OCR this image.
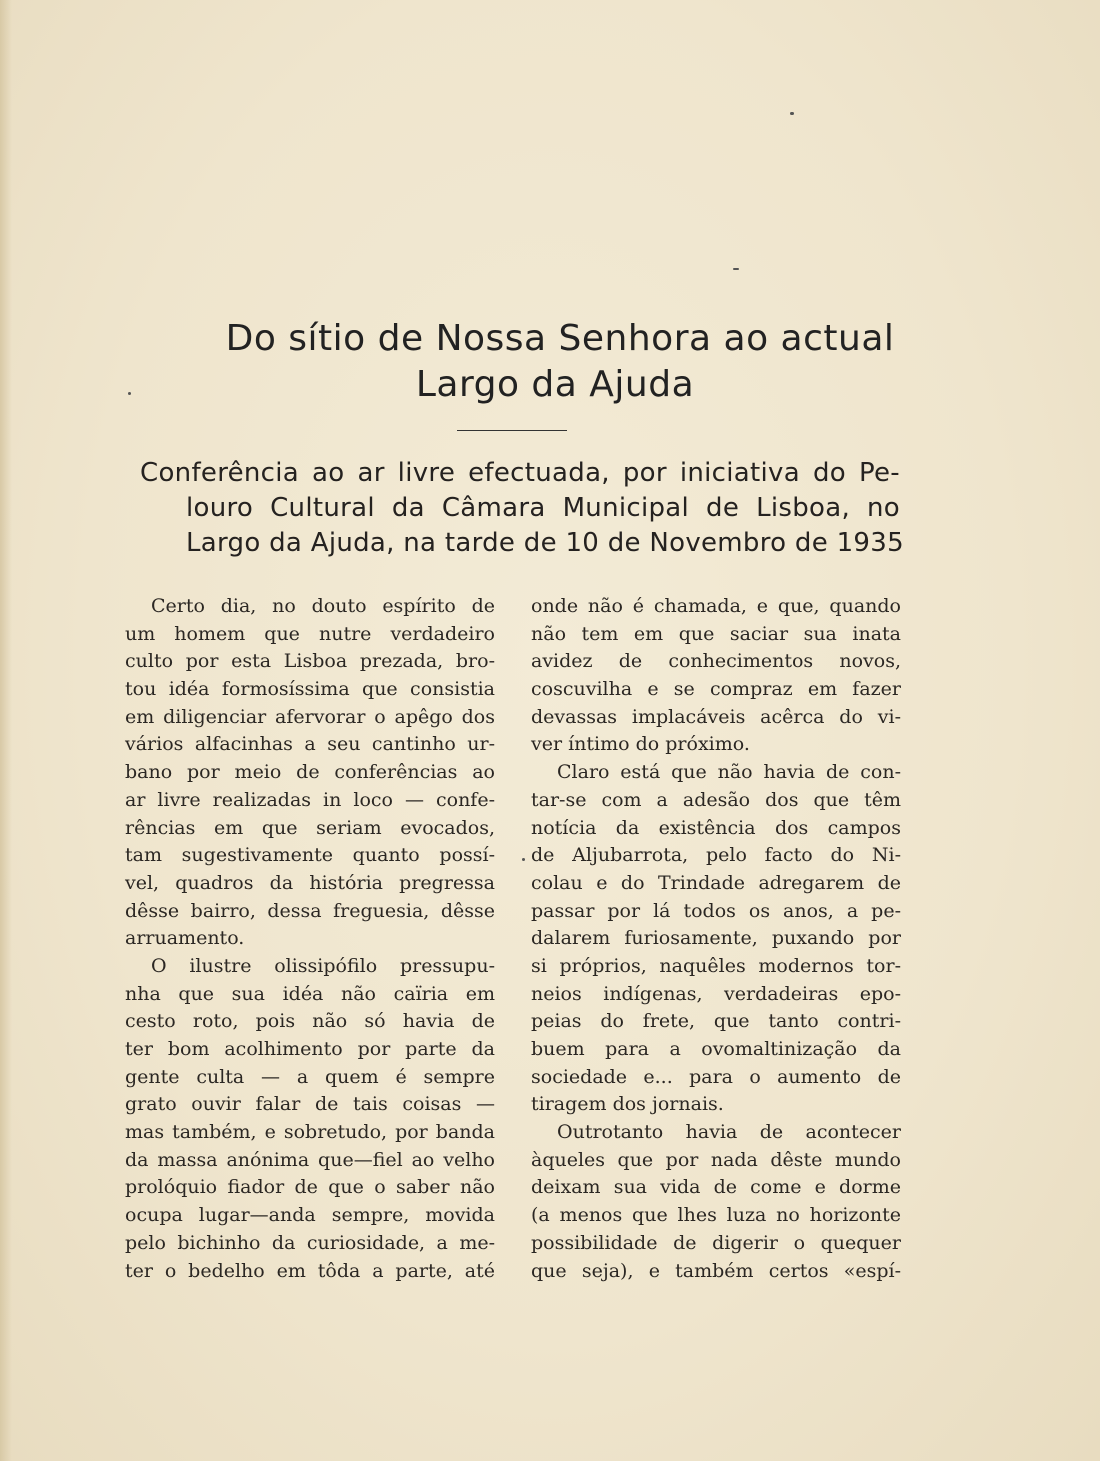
Do sítio de Nossa Senhora ao actual
Largo da Ajuda
Conferência ao ar livre efectuada, por iniciativa do Pe-
louro Cultural da Câmara Municipal de Lisboa, no
Largo da Ajuda, na tarde de 10 de Novembro de 1935
Certo dia, no douto espírito de
um homem que nutre verdadeiro
culto por esta Lisboa prezada, bro-
tou idéa formosíssima que consistia
em diligenciar afervorar o apêgo dos
vários alfacinhas a seu cantinho ur-
bano por meio de conferências ao
ar livre realizadas in loco — confe-
rências em que seriam evocados,
tam sugestivamente quanto possí-
vel, quadros da história pregressa
dêsse bairro, dessa freguesia, dêsse
arruamento.
O ilustre olissipófilo pressupu-
nha que sua idéa não caïria em
cesto roto, pois não só havia de
ter bom acolhimento por parte da
gente culta — a quem é sempre
grato ouvir falar de tais coisas —
mas também, e sobretudo, por banda
da massa anónima que—fiel ao velho
prolóquio fiador de que o saber não
ocupa lugar—anda sempre, movida
pelo bichinho da curiosidade, a me-
ter o bedelho em tôda a parte, até
onde não é chamada, e que, quando
não tem em que saciar sua inata
avidez de conhecimentos novos,
coscuvilha e se compraz em fazer
devassas implacáveis acêrca do vi-
ver íntimo do próximo.
Claro está que não havia de con-
tar-se com a adesão dos que têm
notícia da existência dos campos
de Aljubarrota, pelo facto do Ni-
colau e do Trindade adregarem de
passar por lá todos os anos, a pe-
dalarem furiosamente, puxando por
si próprios, naquêles modernos tor-
neios indígenas, verdadeiras epo-
peias do frete, que tanto contri-
buem para a ovomaltinização da
sociedade e... para o aumento de
tiragem dos jornais.
Outrotanto havia de acontecer
àqueles que por nada dêste mundo
deixam sua vida de come e dorme
(a menos que lhes luza no horizonte
possibilidade de digerir o quequer
que seja), e também certos «espí-
